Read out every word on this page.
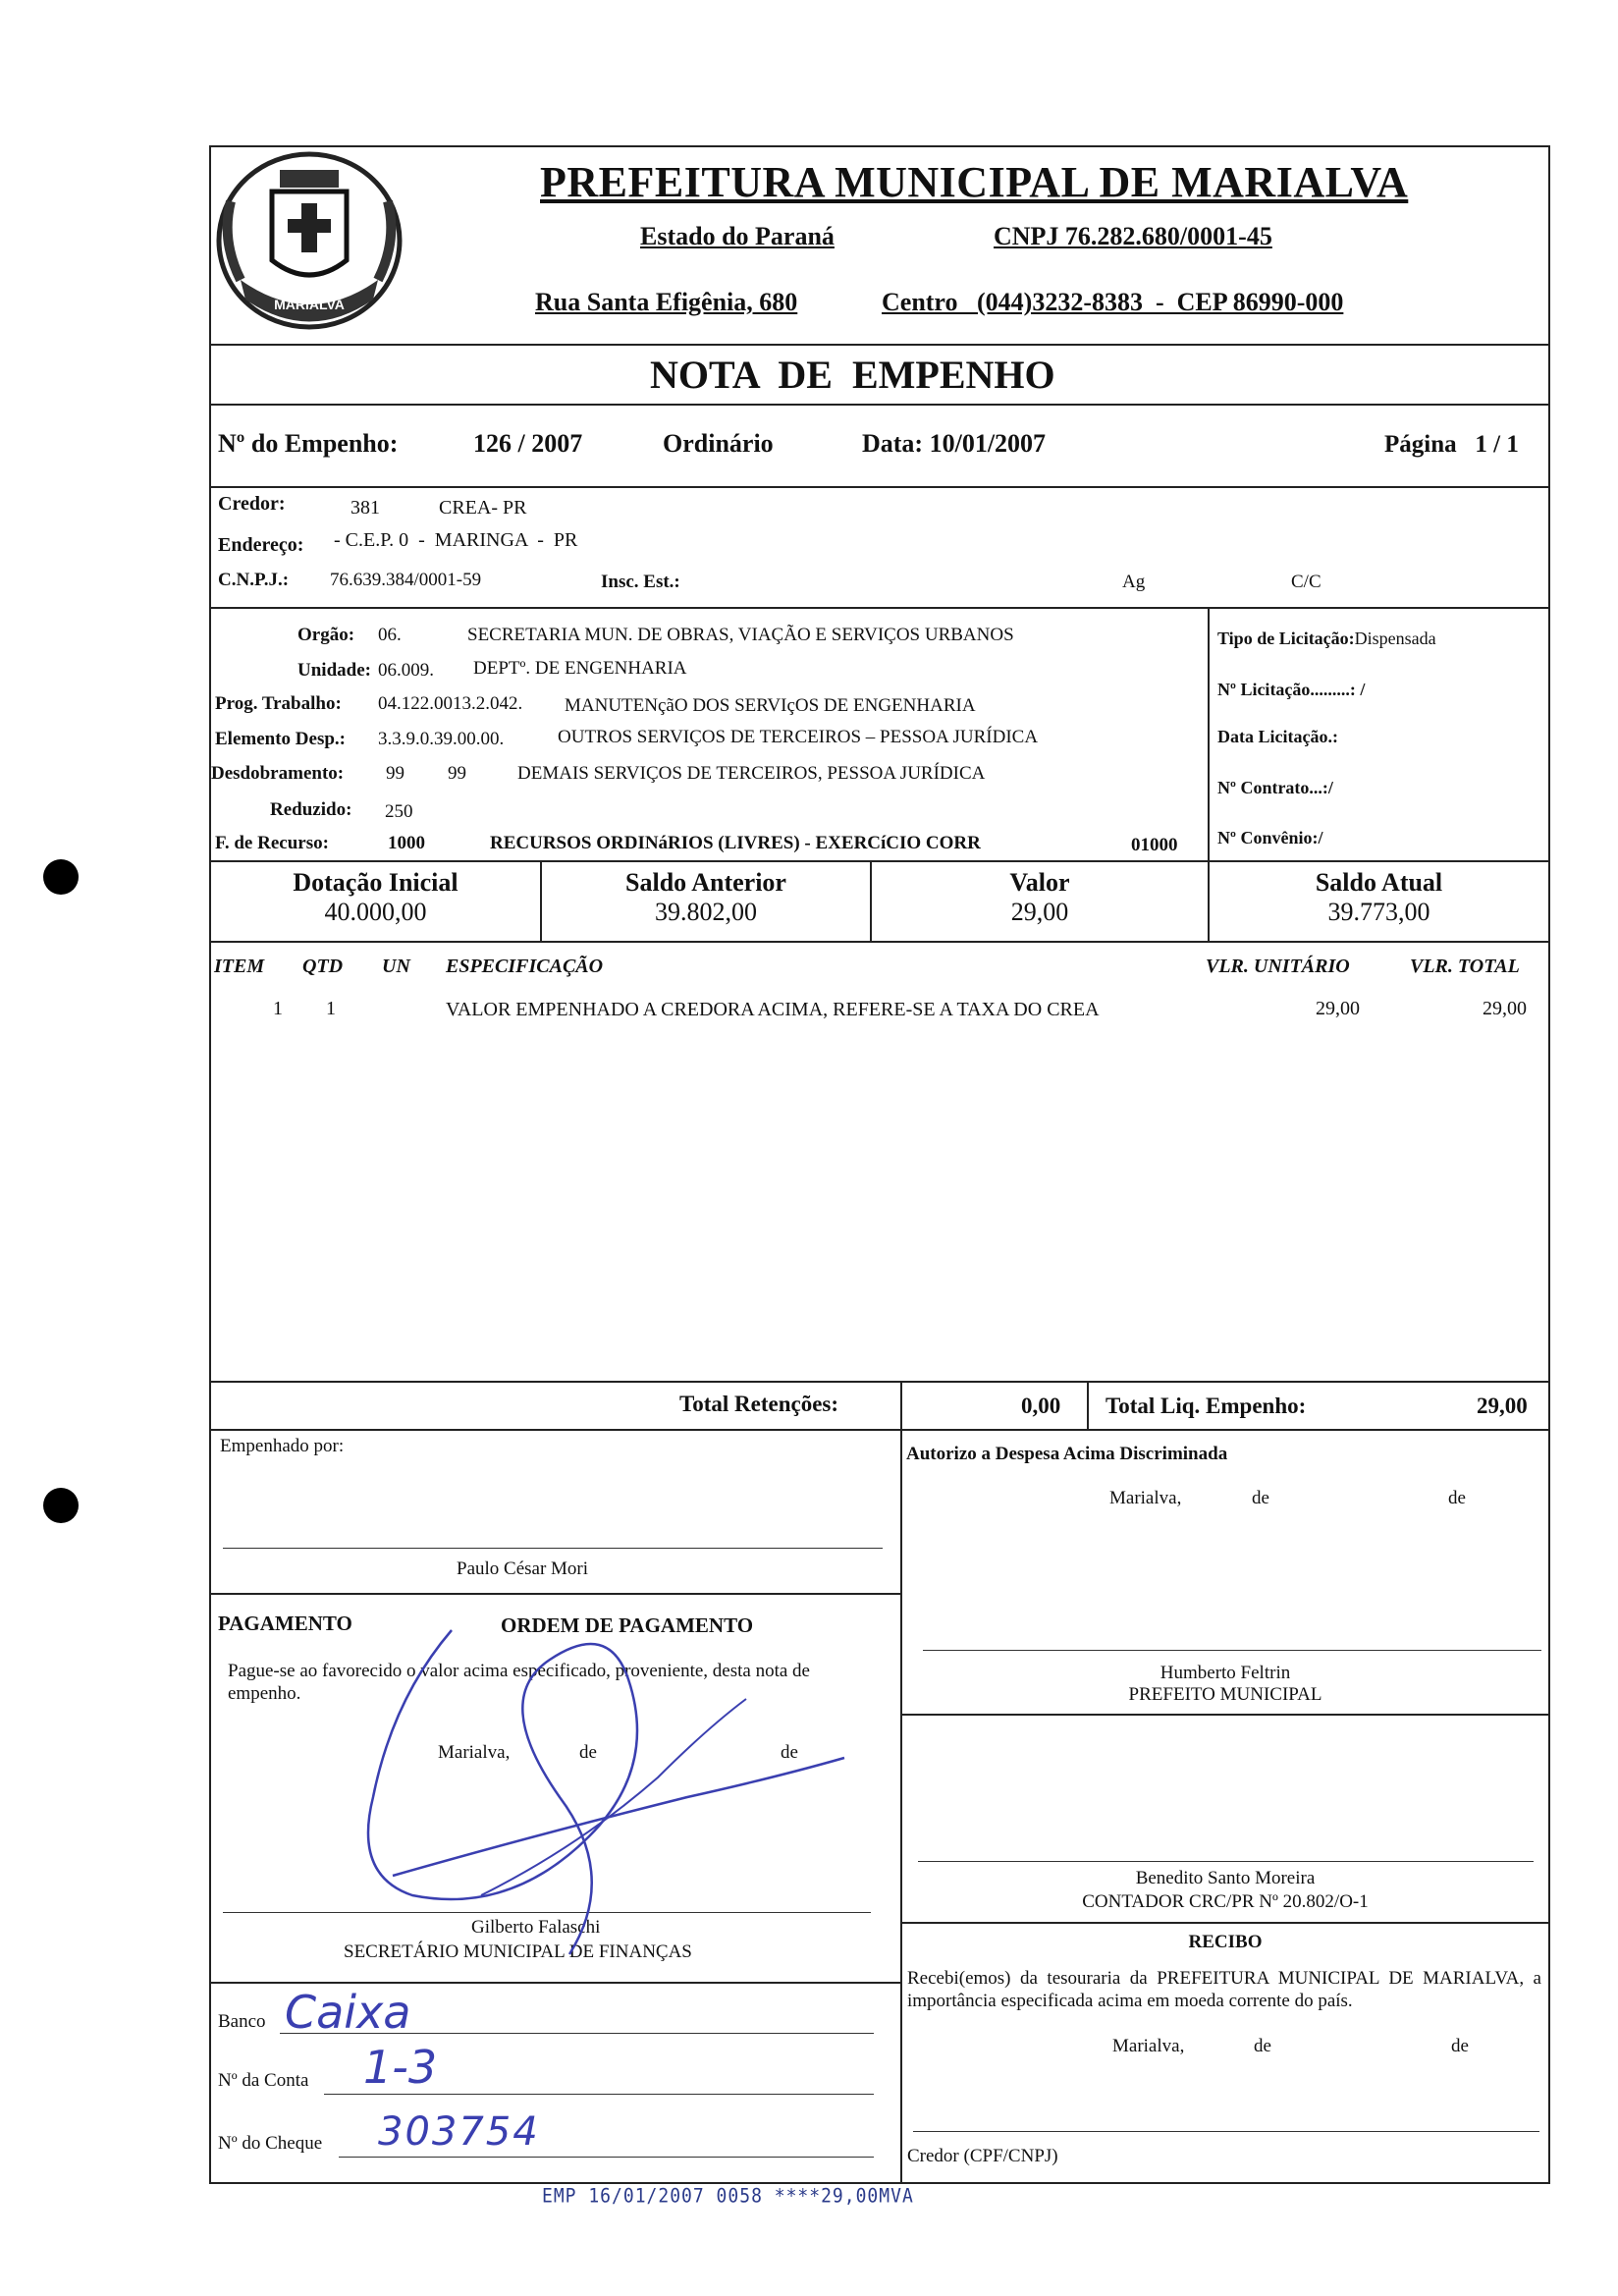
MARIALVA
PREFEITURA MUNICIPAL DE MARIALVA
Estado do Paraná	CNPJ 76.282.680/0001-45
Rua Santa Efigênia, 680	Centro   (044)3232-8383  -  CEP 86990-000
NOTA  DE  EMPENHO
Nº do Empenho:	126 / 2007	Ordinário	Data: 10/01/2007	Página   1 / 1
Credor:	381	CREA- PR
Endereço: - C.E.P. 0  -  MARINGA  -  PR
C.N.P.J.: 76.639.384/0001-59	Insc. Est.:	Ag	C/C
Orgão: 06.	SECRETARIA MUN. DE OBRAS, VIAÇÃO E SERVIÇOS URBANOS
Unidade: 06.009. DEPTº. DE ENGENHARIA
Prog. Trabalho: 04.122.0013.2.042. MANUTENçãO DOS SERVIçOS DE ENGENHARIA
Elemento Desp.: 3.3.9.0.39.00.00.	OUTROS SERVIÇOS DE TERCEIROS – PESSOA JURÍDICA
Desdobramento: 99 99	DEMAIS SERVIÇOS DE TERCEIROS, PESSOA JURÍDICA
Reduzido: 250
F. de Recurso:	1000	RECURSOS ORDINáRIOS (LIVRES) - EXERCíCIO CORR	01000
Tipo de Licitação:Dispensada
Nº Licitação.........: /
Data Licitação.:
Nº Contrato...:/
Nº Convênio:/
Dotação Inicial
40.000,00
Saldo Anterior
39.802,00
Valor
29,00
Saldo Atual
39.773,00
ITEM QTD UN ESPECIFICAÇÃO	VLR. UNITÁRIO	VLR. TOTAL
1 1	VALOR EMPENHADO A CREDORA ACIMA, REFERE-SE A TAXA DO CREA	29,00	29,00
Total Retenções:	0,00 Total Liq. Empenho:	29,00
Empenhado por:
Paulo César Mori
Autorizo a Despesa Acima Discriminada
Marialva,	de	de
Humberto Feltrin
PREFEITO MUNICIPAL
PAGAMENTO	ORDEM DE PAGAMENTO
Pague-se ao favorecido o valor acima especificado, proveniente, desta nota de empenho.
Marialva,	de	de
Gilberto Falaschi
SECRETÁRIO MUNICIPAL DE FINANÇAS
Benedito Santo Moreira
CONTADOR CRC/PR Nº 20.802/O-1
RECIBO
Recebi(emos) da tesouraria da PREFEITURA MUNICIPAL DE MARIALVA, a importância especificada acima em moeda corrente do país.
Marialva,	de	de
Credor (CPF/CNPJ)
Banco Caixa
Nº da Conta 1-3
Nº do Cheque 303754
EMP 16/01/2007 0058 ****29,00MVA
